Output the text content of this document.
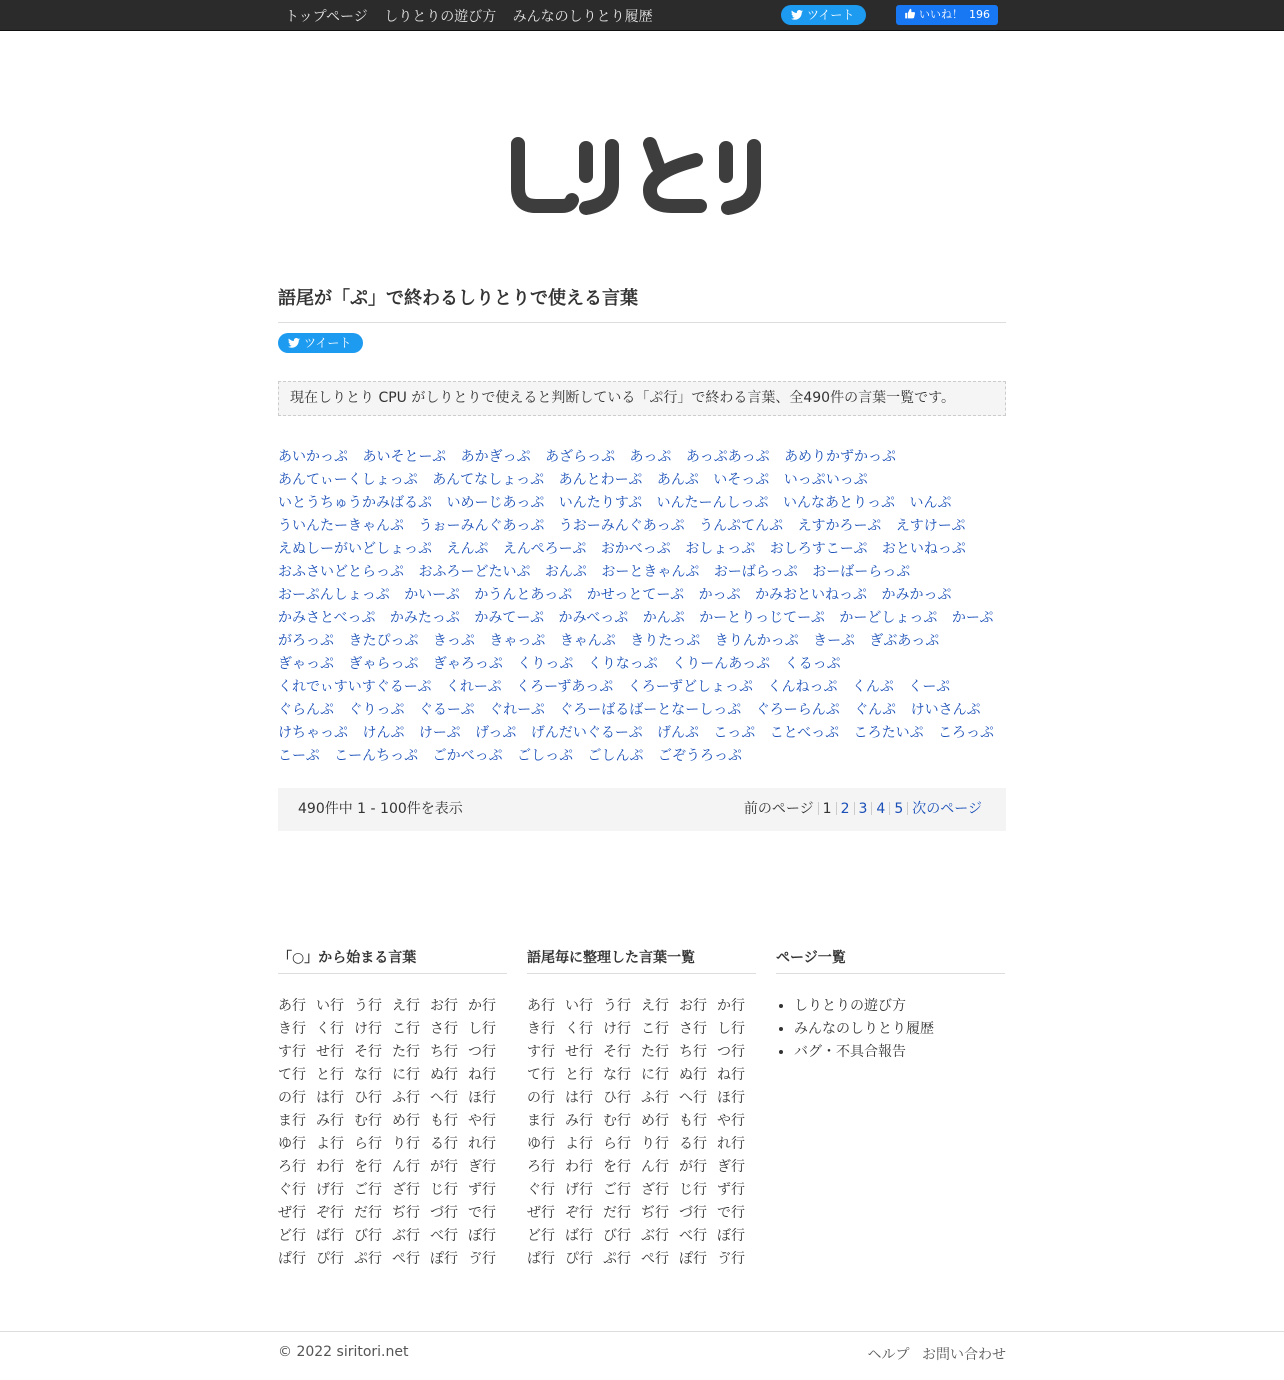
トップページ しりとりの遊び方 みんなのしりとり履歴	ツイート	いいね！ 196
語尾が「ぷ」で終わるしりとりで使える言葉
ツイート
現在しりとり CPU がしりとりで使えると判断している「ぷ行」で終わる言葉、全490件の言葉一覧です。
あいかっぷ あいそとーぷ あかぎっぷ あざらっぷ あっぷ あっぷあっぷ あめりかずかっぷ あんてぃーくしょっぷ あんてなしょっぷ あんとわーぷ あんぷ いそっぷ いっぷいっぷ いとうちゅうかみばるぷ いめーじあっぷ いんたりすぷ いんたーんしっぷ いんなあとりっぷ いんぷ ういんたーきゃんぷ うぉーみんぐあっぷ うおーみんぐあっぷ うんぷてんぷ えすかろーぷ えすけーぷ えぬしーがいどしょっぷ えんぷ えんぺろーぷ おかべっぷ おしょっぷ おしろすこーぷ おといねっぷ おふさいどとらっぷ おふろーどたいぷ おんぷ おーときゃんぷ おーばらっぷ おーばーらっぷ おーぷんしょっぷ かいーぷ かうんとあっぷ かせっとてーぷ かっぷ かみおといねっぷ かみかっぷ かみさとべっぷ かみたっぷ かみてーぷ かみべっぷ かんぷ かーとりっじてーぷ かーどしょっぷ かーぷ がろっぷ きたぴっぷ きっぷ きゃっぷ きゃんぷ きりたっぷ きりんかっぷ きーぷ ぎぶあっぷ ぎゃっぷ ぎゃらっぷ ぎゃろっぷ くりっぷ くりなっぷ くりーんあっぷ くるっぷ くれでぃすいすぐるーぷ くれーぷ くろーずあっぷ くろーずどしょっぷ くんねっぷ くんぷ くーぷ ぐらんぷ ぐりっぷ ぐるーぷ ぐれーぷ ぐろーばるばーとなーしっぷ ぐろーらんぷ ぐんぷ けいさんぷ けちゃっぷ けんぷ けーぷ げっぷ げんだいぐるーぷ げんぷ こっぷ ことべっぷ ころたいぷ ころっぷ こーぷ こーんちっぷ ごかべっぷ ごしっぷ ごしんぷ ごぞうろっぷ
490件中 1 - 100件を表示	前のページ 1 2 3 4 5 次のページ
「○」から始まる言葉
あ行 い行 う行 え行 お行 か行
き行 く行 け行 こ行 さ行 し行
す行 せ行 そ行 た行 ち行 つ行
て行 と行 な行 に行 ぬ行 ね行
の行 は行 ひ行 ふ行 へ行 ほ行
ま行 み行 む行 め行 も行 や行
ゆ行 よ行 ら行 り行 る行 れ行
ろ行 わ行 を行 ん行 が行 ぎ行
ぐ行 げ行 ご行 ざ行 じ行 ず行
ぜ行 ぞ行 だ行 ぢ行 づ行 で行
ど行 ば行 び行 ぶ行 べ行 ぼ行
ぱ行 ぴ行 ぷ行 ぺ行 ぽ行 ゔ行
語尾毎に整理した言葉一覧
あ行 い行 う行 え行 お行 か行
き行 く行 け行 こ行 さ行 し行
す行 せ行 そ行 た行 ち行 つ行
て行 と行 な行 に行 ぬ行 ね行
の行 は行 ひ行 ふ行 へ行 ほ行
ま行 み行 む行 め行 も行 や行
ゆ行 よ行 ら行 り行 る行 れ行
ろ行 わ行 を行 ん行 が行 ぎ行
ぐ行 げ行 ご行 ざ行 じ行 ず行
ぜ行 ぞ行 だ行 ぢ行 づ行 で行
ど行 ば行 び行 ぶ行 べ行 ぼ行
ぱ行 ぴ行 ぷ行 ぺ行 ぽ行 ゔ行
ページ一覧
• しりとりの遊び方
• みんなのしりとり履歴
• バグ・不具合報告
© 2022 siritori.net	ヘルプ お問い合わせ
